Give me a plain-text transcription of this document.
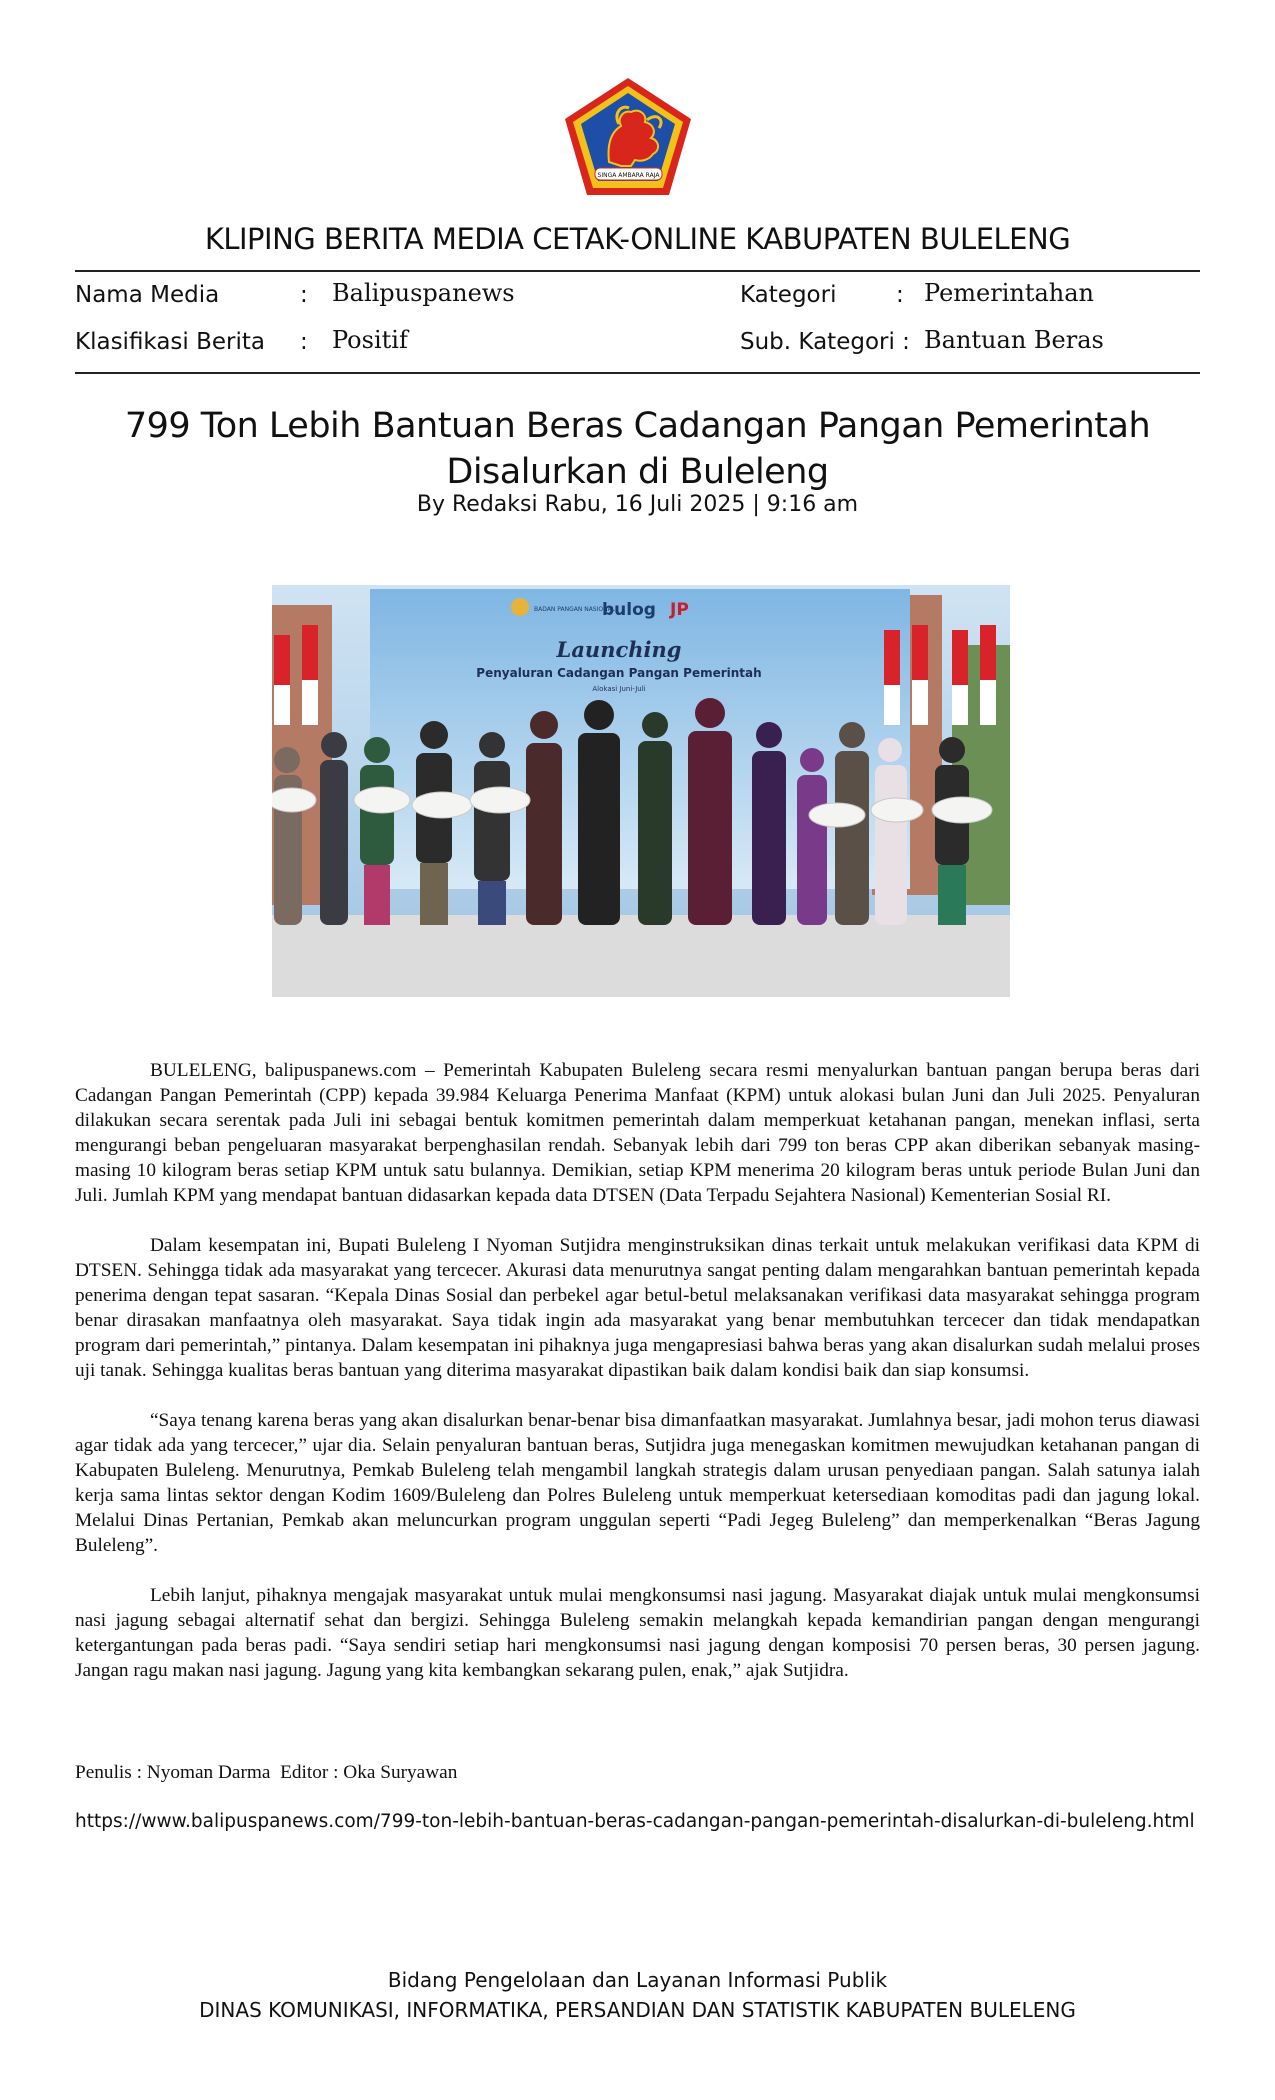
SINGA AMBARA RAJA
KLIPING BERITA MEDIA CETAK-ONLINE KABUPATEN BULELENG
Nama Media	: Balipuspanews	Kategori	: Pemerintahan
Klasifikasi Berita : Positif	Sub. Kategori : Bantuan Beras
799 Ton Lebih Bantuan Beras Cadangan Pangan Pemerintah Disalurkan di Buleleng
By Redaksi Rabu, 16 Juli 2025 | 9:16 am
BADAN PANGAN NASIONAL
bulog JP
Launching
Penyaluran Cadangan Pangan Pemerintah
Alokasi Juni-Juli

BULELENG, balipuspanews.com – Pemerintah Kabupaten Buleleng secara resmi menyalurkan bantuan pangan berupa beras dari Cadangan Pangan Pemerintah (CPP) kepada 39.984 Keluarga Penerima Manfaat (KPM) untuk alokasi bulan Juni dan Juli 2025. Penyaluran dilakukan secara serentak pada Juli ini sebagai bentuk komitmen pemerintah dalam memperkuat ketahanan pangan, menekan inflasi, serta mengurangi beban pengeluaran masyarakat berpenghasilan rendah. Sebanyak lebih dari 799 ton beras CPP akan diberikan sebanyak masing-masing 10 kilogram beras setiap KPM untuk satu bulannya. Demikian, setiap KPM menerima 20 kilogram beras untuk periode Bulan Juni dan Juli. Jumlah KPM yang mendapat bantuan didasarkan kepada data DTSEN (Data Terpadu Sejahtera Nasional) Kementerian Sosial RI.

Dalam kesempatan ini, Bupati Buleleng I Nyoman Sutjidra menginstruksikan dinas terkait untuk melakukan verifikasi data KPM di DTSEN. Sehingga tidak ada masyarakat yang tercecer. Akurasi data menurutnya sangat penting dalam mengarahkan bantuan pemerintah kepada penerima dengan tepat sasaran. “Kepala Dinas Sosial dan perbekel agar betul-betul melaksanakan verifikasi data masyarakat sehingga program benar dirasakan manfaatnya oleh masyarakat. Saya tidak ingin ada masyarakat yang benar membutuhkan tercecer dan tidak mendapatkan program dari pemerintah,” pintanya. Dalam kesempatan ini pihaknya juga mengapresiasi bahwa beras yang akan disalurkan sudah melalui proses uji tanak. Sehingga kualitas beras bantuan yang diterima masyarakat dipastikan baik dalam kondisi baik dan siap konsumsi.

“Saya tenang karena beras yang akan disalurkan benar-benar bisa dimanfaatkan masyarakat. Jumlahnya besar, jadi mohon terus diawasi agar tidak ada yang tercecer,” ujar dia. Selain penyaluran bantuan beras, Sutjidra juga menegaskan komitmen mewujudkan ketahanan pangan di Kabupaten Buleleng. Menurutnya, Pemkab Buleleng telah mengambil langkah strategis dalam urusan penyediaan pangan. Salah satunya ialah kerja sama lintas sektor dengan Kodim 1609/Buleleng dan Polres Buleleng untuk memperkuat ketersediaan komoditas padi dan jagung lokal. Melalui Dinas Pertanian, Pemkab akan meluncurkan program unggulan seperti “Padi Jegeg Buleleng” dan memperkenalkan “Beras Jagung Buleleng”.

Lebih lanjut, pihaknya mengajak masyarakat untuk mulai mengkonsumsi nasi jagung. Masyarakat diajak untuk mulai mengkonsumsi nasi jagung sebagai alternatif sehat dan bergizi. Sehingga Buleleng semakin melangkah kepada kemandirian pangan dengan mengurangi ketergantungan pada beras padi. “Saya sendiri setiap hari mengkonsumsi nasi jagung dengan komposisi 70 persen beras, 30 persen jagung. Jangan ragu makan nasi jagung. Jagung yang kita kembangkan sekarang pulen, enak,” ajak Sutjidra.

Penulis : Nyoman Darma  Editor : Oka Suryawan
https://www.balipuspanews.com/799-ton-lebih-bantuan-beras-cadangan-pangan-pemerintah-disalurkan-di-buleleng.html
Bidang Pengelolaan dan Layanan Informasi Publik
DINAS KOMUNIKASI, INFORMATIKA, PERSANDIAN DAN STATISTIK KABUPATEN BULELENG
